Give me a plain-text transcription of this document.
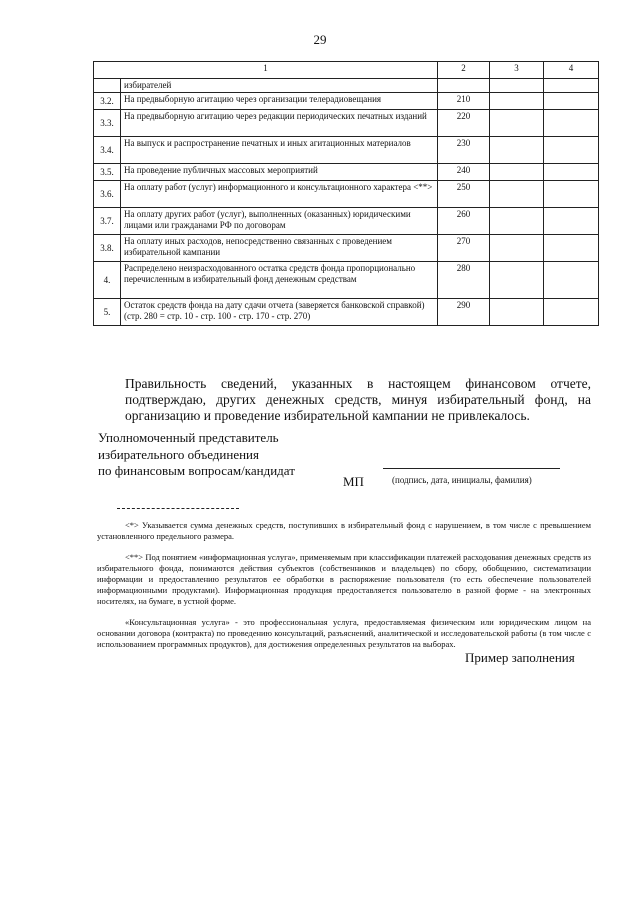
29
1		2	3	4
	избирателей			
3.2.	На предвыборную агитацию через организации телерадиовещания	210		
3.3.	На предвыборную агитацию через редакции периодических печатных изданий	220		
3.4.	На выпуск и распространение печатных и иных агитационных материалов	230		
3.5.	На проведение публичных массовых мероприятий	240		
3.6.	На оплату работ (услуг) информационного и консультационного характера <**>	250		
3.7.	На оплату других работ (услуг), выполненных (оказанных) юридическими лицами или гражданами РФ по договорам	260		
3.8.	На оплату иных расходов, непосредственно связанных с проведением избирательной кампании	270		
4.	Распределено неизрасходованного остатка средств фонда пропорционально перечисленным в избирательный фонд денежным средствам	280		
5.	Остаток средств фонда на дату сдачи отчета (заверяется банковской справкой) (стр. 280 = стр. 10 - стр. 100 - стр. 170 - стр. 270)	290		
Правильность сведений, указанных в настоящем финансовом отчете, подтверждаю, других денежных средств, минуя избирательный фонд, на организацию и проведение избирательной кампании не привлекалось.
Уполномоченный представитель
избирательного объединения
по финансовым вопросам/кандидат
МП	(подпись, дата, инициалы, фамилия)

<*> Указывается сумма денежных средств, поступивших в избирательный фонд с нарушением, в том числе с превышением установленного предельного размера.

<**> Под понятием «информационная услуга», применяемым при классификации платежей расходования денежных средств из избирательного фонда, понимаются действия субъектов (собственников и владельцев) по сбору, обобщению, систематизации информации и предоставлению результатов ее обработки в распоряжение пользователя (то есть обеспечение пользователей информационными продуктами). Информационная продукция предоставляется пользователю в разной форме - на электронных носителях, на бумаге, в устной форме.

«Консультационная услуга» - это профессиональная услуга, предоставляемая физическим или юридическим лицом на основании договора (контракта) по проведению консультаций, разъяснений, аналитической и исследовательской работы (в том числе с использованием программных продуктов), для достижения определенных результатов на выборах.

Пример заполнения
